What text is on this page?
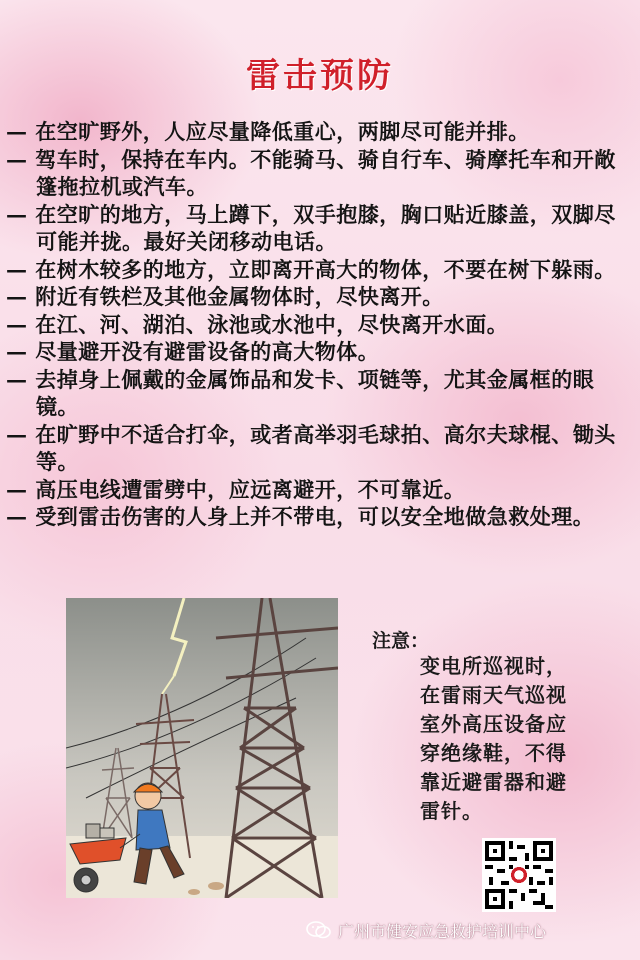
雷击预防
— 在空旷野外，人应尽量降低重心，两脚尽可能并排。
— 驾车时，保持在车内。不能骑马、骑自行车、骑摩托车和开敞篷拖拉机或汽车。
— 在空旷的地方，马上蹲下，双手抱膝，胸口贴近膝盖，双脚尽可能并拢。最好关闭移动电话。
— 在树木较多的地方，立即离开高大的物体，不要在树下躲雨。
— 附近有铁栏及其他金属物体时，尽快离开。
— 在江、河、湖泊、泳池或水池中，尽快离开水面。
— 尽量避开没有避雷设备的高大物体。
— 去掉身上佩戴的金属饰品和发卡、项链等，尤其金属框的眼镜。
— 在旷野中不适合打伞，或者高举羽毛球拍、高尔夫球棍、锄头等。
— 高压电线遭雷劈中，应远离避开，不可靠近。
— 受到雷击伤害的人身上并不带电，可以安全地做急救处理。
注意：
变电所巡视时，
在雷雨天气巡视
室外高压设备应
穿绝缘鞋，不得
靠近避雷器和避
雷针。
广州市健安应急救护培训中心
